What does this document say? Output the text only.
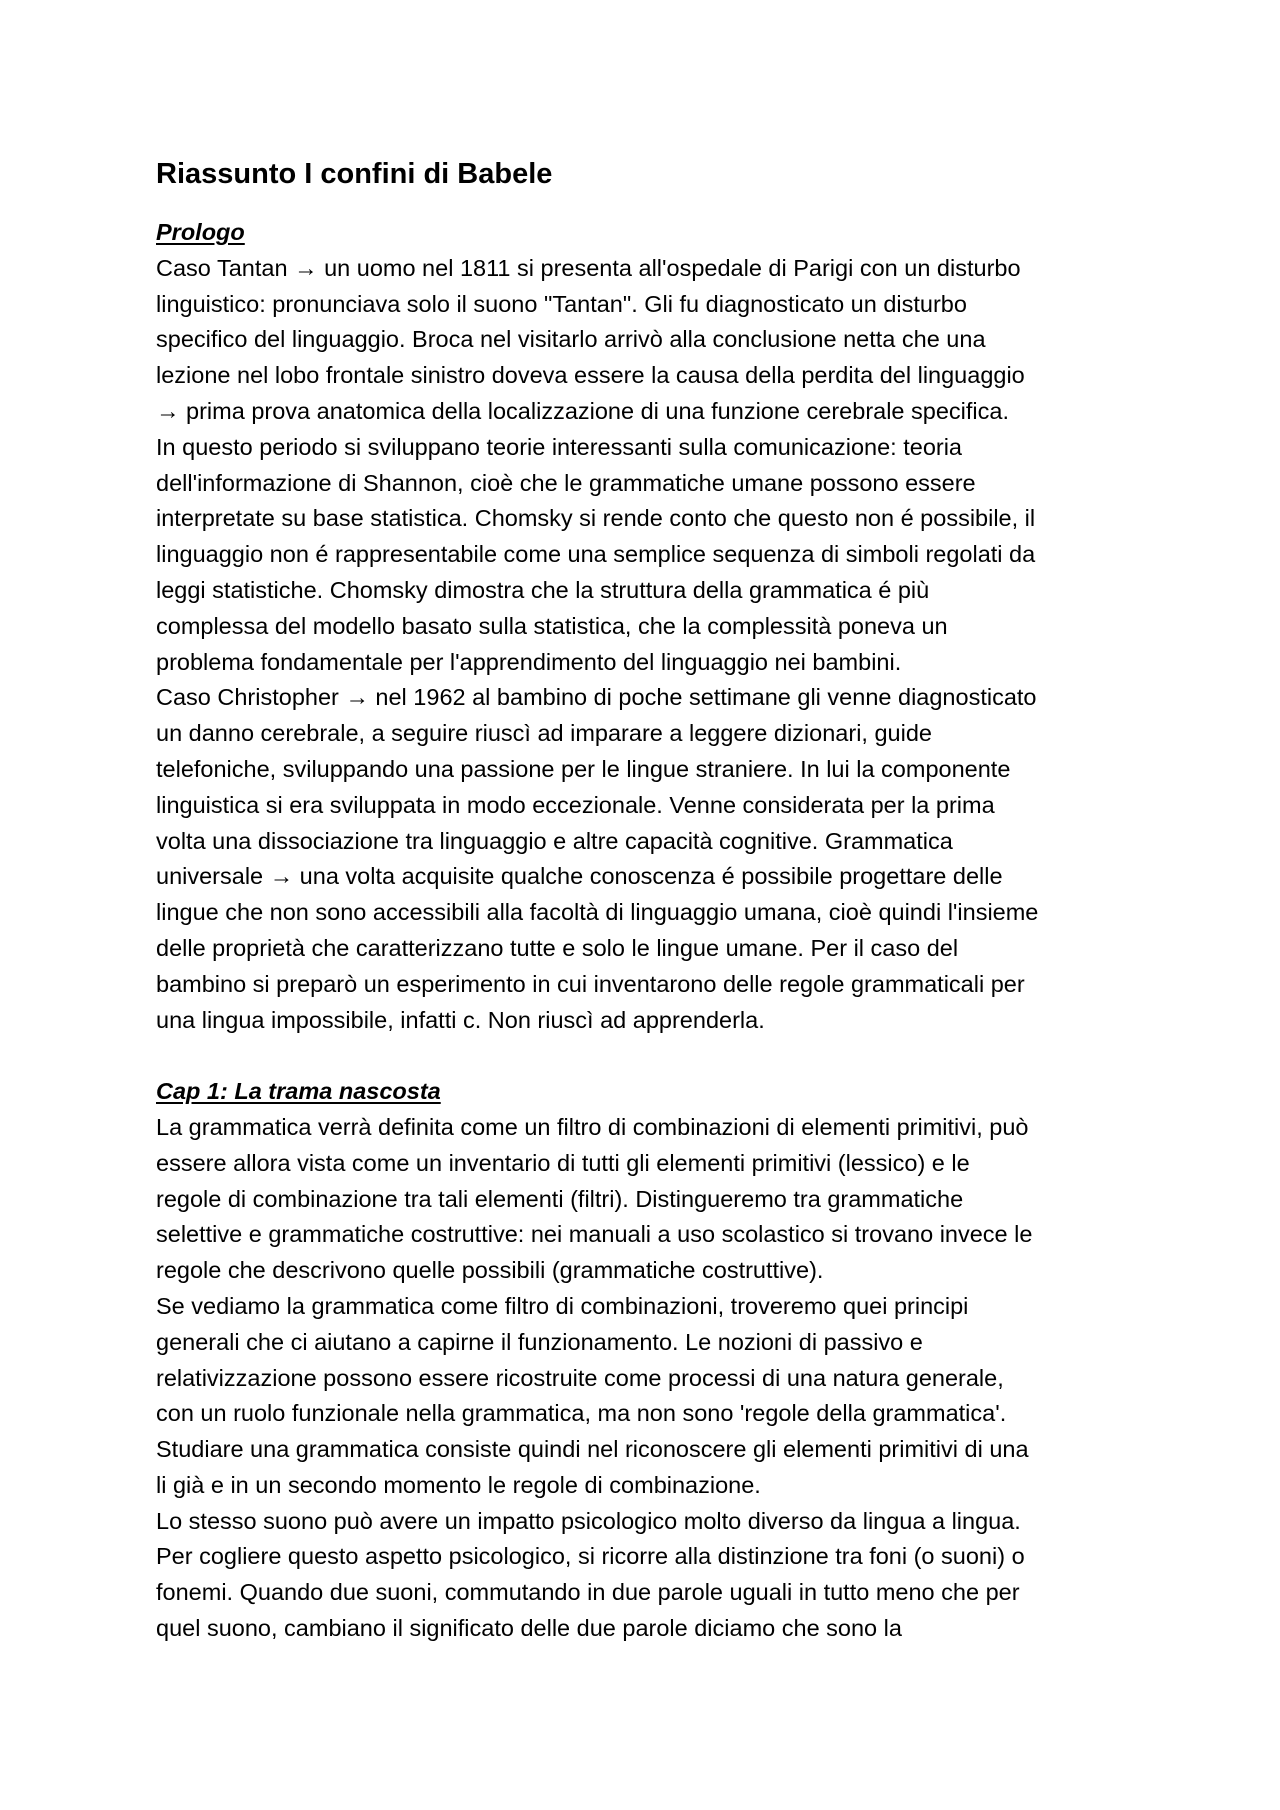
Riassunto I confini di Babele
Prologo

Caso Tantan → un uomo nel 1811 si presenta all'ospedale di Parigi con un disturbo
linguistico: pronunciava solo il suono "Tantan". Gli fu diagnosticato un disturbo
specifico del linguaggio. Broca nel visitarlo arrivò alla conclusione netta che una
lezione nel lobo frontale sinistro doveva essere la causa della perdita del linguaggio
→ prima prova anatomica della localizzazione di una funzione cerebrale specifica.

In questo periodo si sviluppano teorie interessanti sulla comunicazione: teoria
dell'informazione di Shannon, cioè che le grammatiche umane possono essere
interpretate su base statistica. Chomsky si rende conto che questo non é possibile, il
linguaggio non é rappresentabile come una semplice sequenza di simboli regolati da
leggi statistiche. Chomsky dimostra che la struttura della grammatica é più
complessa del modello basato sulla statistica, che la complessità poneva un
problema fondamentale per l'apprendimento del linguaggio nei bambini.

Caso Christopher → nel 1962 al bambino di poche settimane gli venne diagnosticato
un danno cerebrale, a seguire riuscì ad imparare a leggere dizionari, guide
telefoniche, sviluppando una passione per le lingue straniere. In lui la componente
linguistica si era sviluppata in modo eccezionale. Venne considerata per la prima
volta una dissociazione tra linguaggio e altre capacità cognitive. Grammatica
universale → una volta acquisite qualche conoscenza é possibile progettare delle
lingue che non sono accessibili alla facoltà di linguaggio umana, cioè quindi l'insieme
delle proprietà che caratterizzano tutte e solo le lingue umane. Per il caso del
bambino si preparò un esperimento in cui inventarono delle regole grammaticali per
una lingua impossibile, infatti c. Non riuscì ad apprenderla.

Cap 1: La trama nascosta

La grammatica verrà definita come un filtro di combinazioni di elementi primitivi, può
essere allora vista come un inventario di tutti gli elementi primitivi (lessico) e le
regole di combinazione tra tali elementi (filtri). Distingueremo tra grammatiche
selettive e grammatiche costruttive: nei manuali a uso scolastico si trovano invece le
regole che descrivono quelle possibili (grammatiche costruttive).

Se vediamo la grammatica come filtro di combinazioni, troveremo quei principi
generali che ci aiutano a capirne il funzionamento. Le nozioni di passivo e
relativizzazione possono essere ricostruite come processi di una natura generale,
con un ruolo funzionale nella grammatica, ma non sono 'regole della grammatica'.
Studiare una grammatica consiste quindi nel riconoscere gli elementi primitivi di una
li già e in un secondo momento le regole di combinazione.

Lo stesso suono può avere un impatto psicologico molto diverso da lingua a lingua.
Per cogliere questo aspetto psicologico, si ricorre alla distinzione tra foni (o suoni) o
fonemi. Quando due suoni, commutando in due parole uguali in tutto meno che per
quel suono, cambiano il significato delle due parole diciamo che sono la
